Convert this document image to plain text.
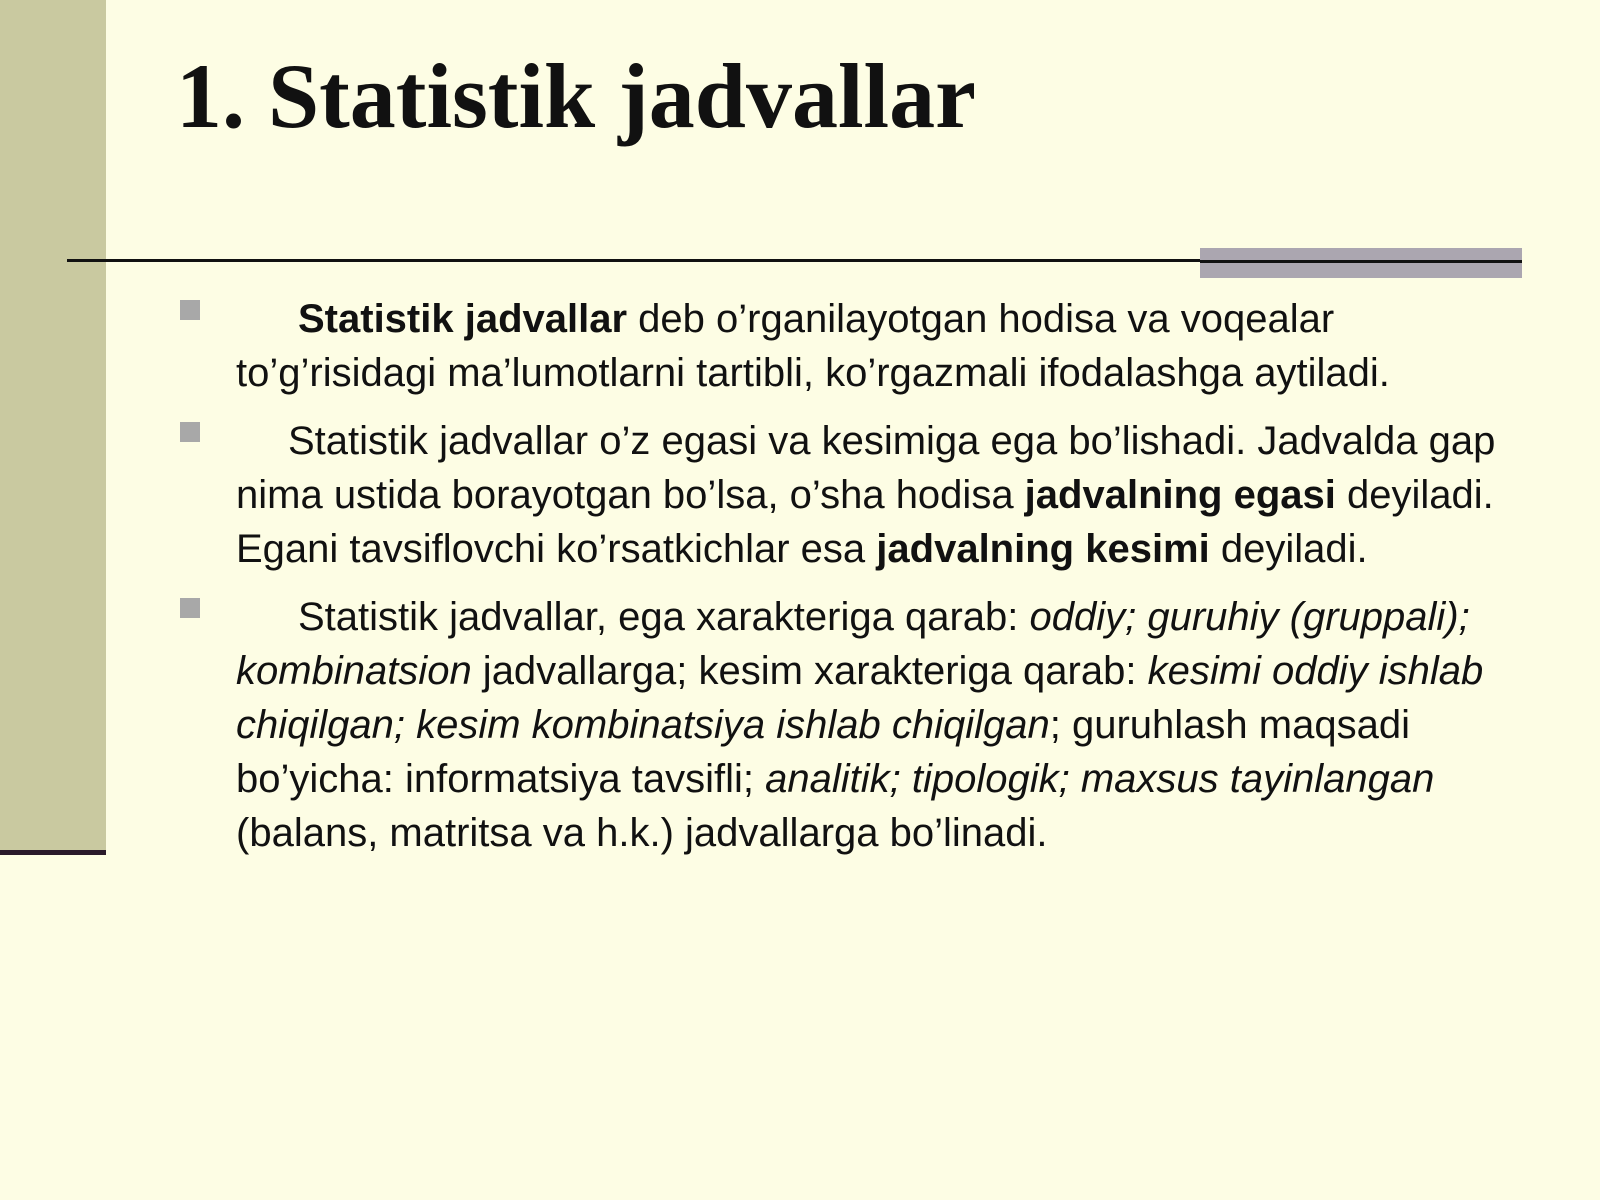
1. Statistik jadvallar
Statistik jadvallar deb o’rganilayotgan hodisa va voqealar to’g’risidagi ma’lumotlarni tartibli, ko’rgazmali ifodalashga aytiladi.
Statistik jadvallar o’z egasi va kesimiga ega bo’lishadi. Jadvalda gap nima ustida borayotgan bo’lsa, o’sha hodisa jadvalning egasi deyiladi. Egani tavsiflovchi ko’rsatkichlar esa jadvalning kesimi deyiladi.
Statistik jadvallar, ega xarakteriga qarab: oddiy; guruhiy (gruppali); kombinatsion jadvallarga; kesim xarakteriga qarab: kesimi oddiy ishlab chiqilgan; kesim kombinatsiya ishlab chiqilgan; guruhlash maqsadi bo’yicha: informatsiya tavsifli; analitik; tipologik; maxsus tayinlangan (balans, matritsa va h.k.) jadvallarga bo’linadi.
